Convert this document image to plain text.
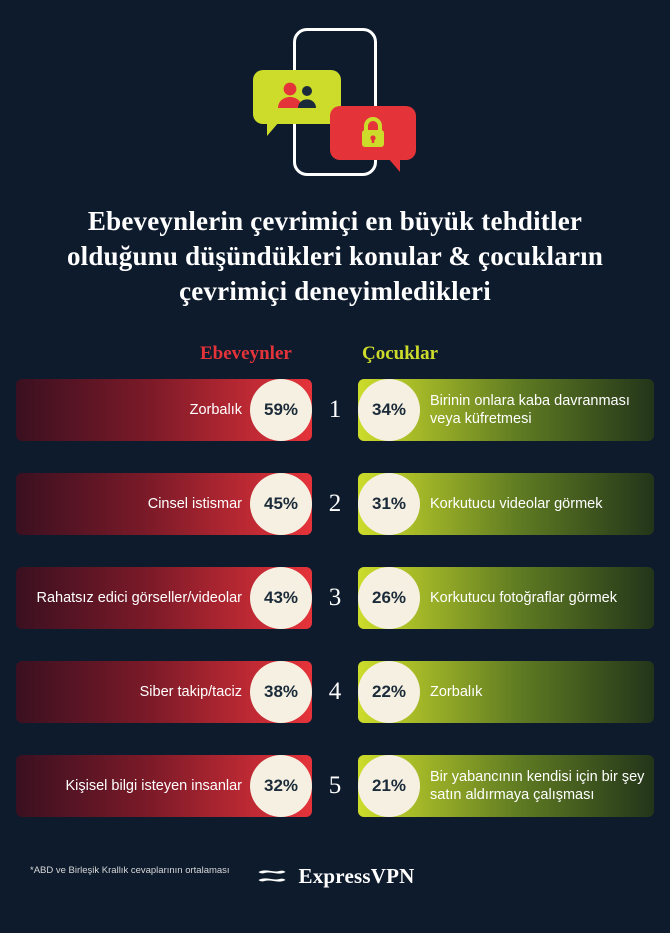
Ebeveynlerin çevrimiçi en büyük tehditler olduğunu düşündükleri konular & çocukların çevrimiçi deneyimledikleri
Ebeveynler	Çocuklar
Zorbalık	59%	1	34%	Birinin onlara kaba davranması veya küfretmesi
Cinsel istismar	45%	2	31%	Korkutucu videolar görmek
Rahatsız edici görseller/videolar	43%	3	26%	Korkutucu fotoğraflar görmek
Siber takip/taciz	38%	4	22%	Zorbalık
Kişisel bilgi isteyen insanlar	32%	5	21%	Bir yabancının kendisi için bir şey satın aldırmaya çalışması
*ABD ve Birleşik Krallık cevaplarının ortalaması	ExpressVPN
